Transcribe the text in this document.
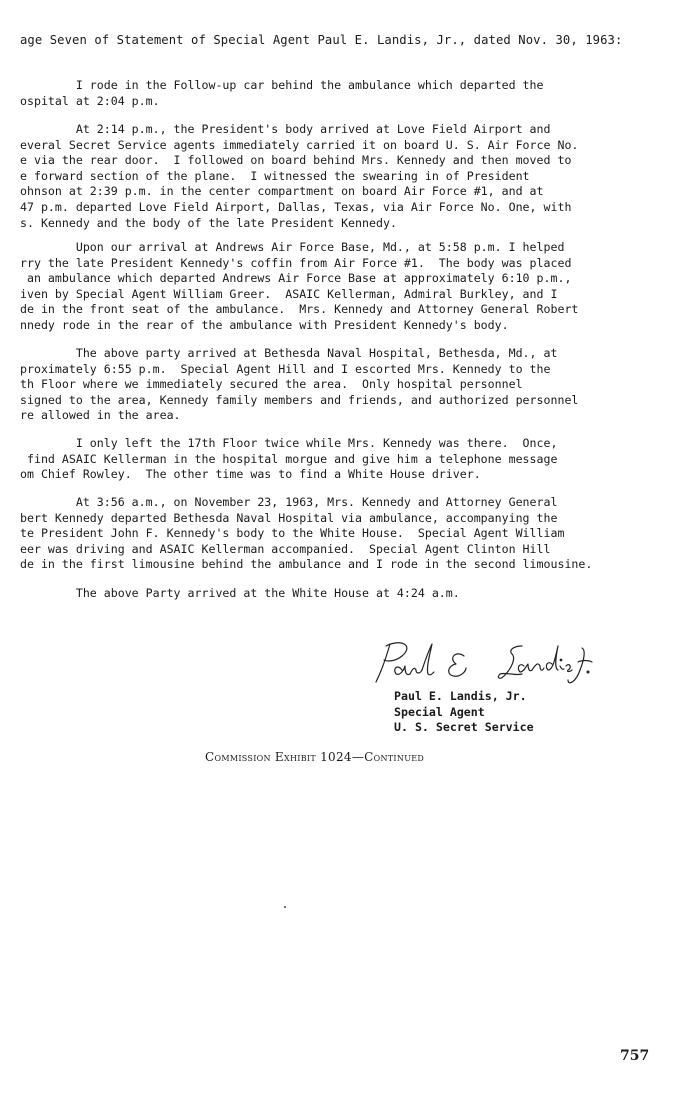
age Seven of Statement of Special Agent Paul E. Landis, Jr., dated Nov. 30, 1963:
I rode in the Follow-up car behind the ambulance which departed the
ospital at 2:04 p.m.
At 2:14 p.m., the President's body arrived at Love Field Airport and
everal Secret Service agents immediately carried it on board U. S. Air Force No.
e via the rear door.  I followed on board behind Mrs. Kennedy and then moved to
e forward section of the plane.  I witnessed the swearing in of President
ohnson at 2:39 p.m. in the center compartment on board Air Force #1, and at
47 p.m. departed Love Field Airport, Dallas, Texas, via Air Force No. One, with
s. Kennedy and the body of the late President Kennedy.
Upon our arrival at Andrews Air Force Base, Md., at 5:58 p.m. I helped
rry the late President Kennedy's coffin from Air Force #1.  The body was placed
an ambulance which departed Andrews Air Force Base at approximately 6:10 p.m.,
iven by Special Agent William Greer.  ASAIC Kellerman, Admiral Burkley, and I
de in the front seat of the ambulance.  Mrs. Kennedy and Attorney General Robert
nnedy rode in the rear of the ambulance with President Kennedy's body.
The above party arrived at Bethesda Naval Hospital, Bethesda, Md., at
proximately 6:55 p.m.  Special Agent Hill and I escorted Mrs. Kennedy to the
th Floor where we immediately secured the area.  Only hospital personnel
signed to the area, Kennedy family members and friends, and authorized personnel
re allowed in the area.
I only left the 17th Floor twice while Mrs. Kennedy was there.  Once,
find ASAIC Kellerman in the hospital morgue and give him a telephone message
om Chief Rowley.  The other time was to find a White House driver.
At 3:56 a.m., on November 23, 1963, Mrs. Kennedy and Attorney General
bert Kennedy departed Bethesda Naval Hospital via ambulance, accompanying the
te President John F. Kennedy's body to the White House.  Special Agent William
eer was driving and ASAIC Kellerman accompanied.  Special Agent Clinton Hill
de in the first limousine behind the ambulance and I rode in the second limousine.
The above Party arrived at the White House at 4:24 a.m.
Paul E. Landis, Jr.
Special Agent
U. S. Secret Service
Commission Exhibit 1024—Continued
757
